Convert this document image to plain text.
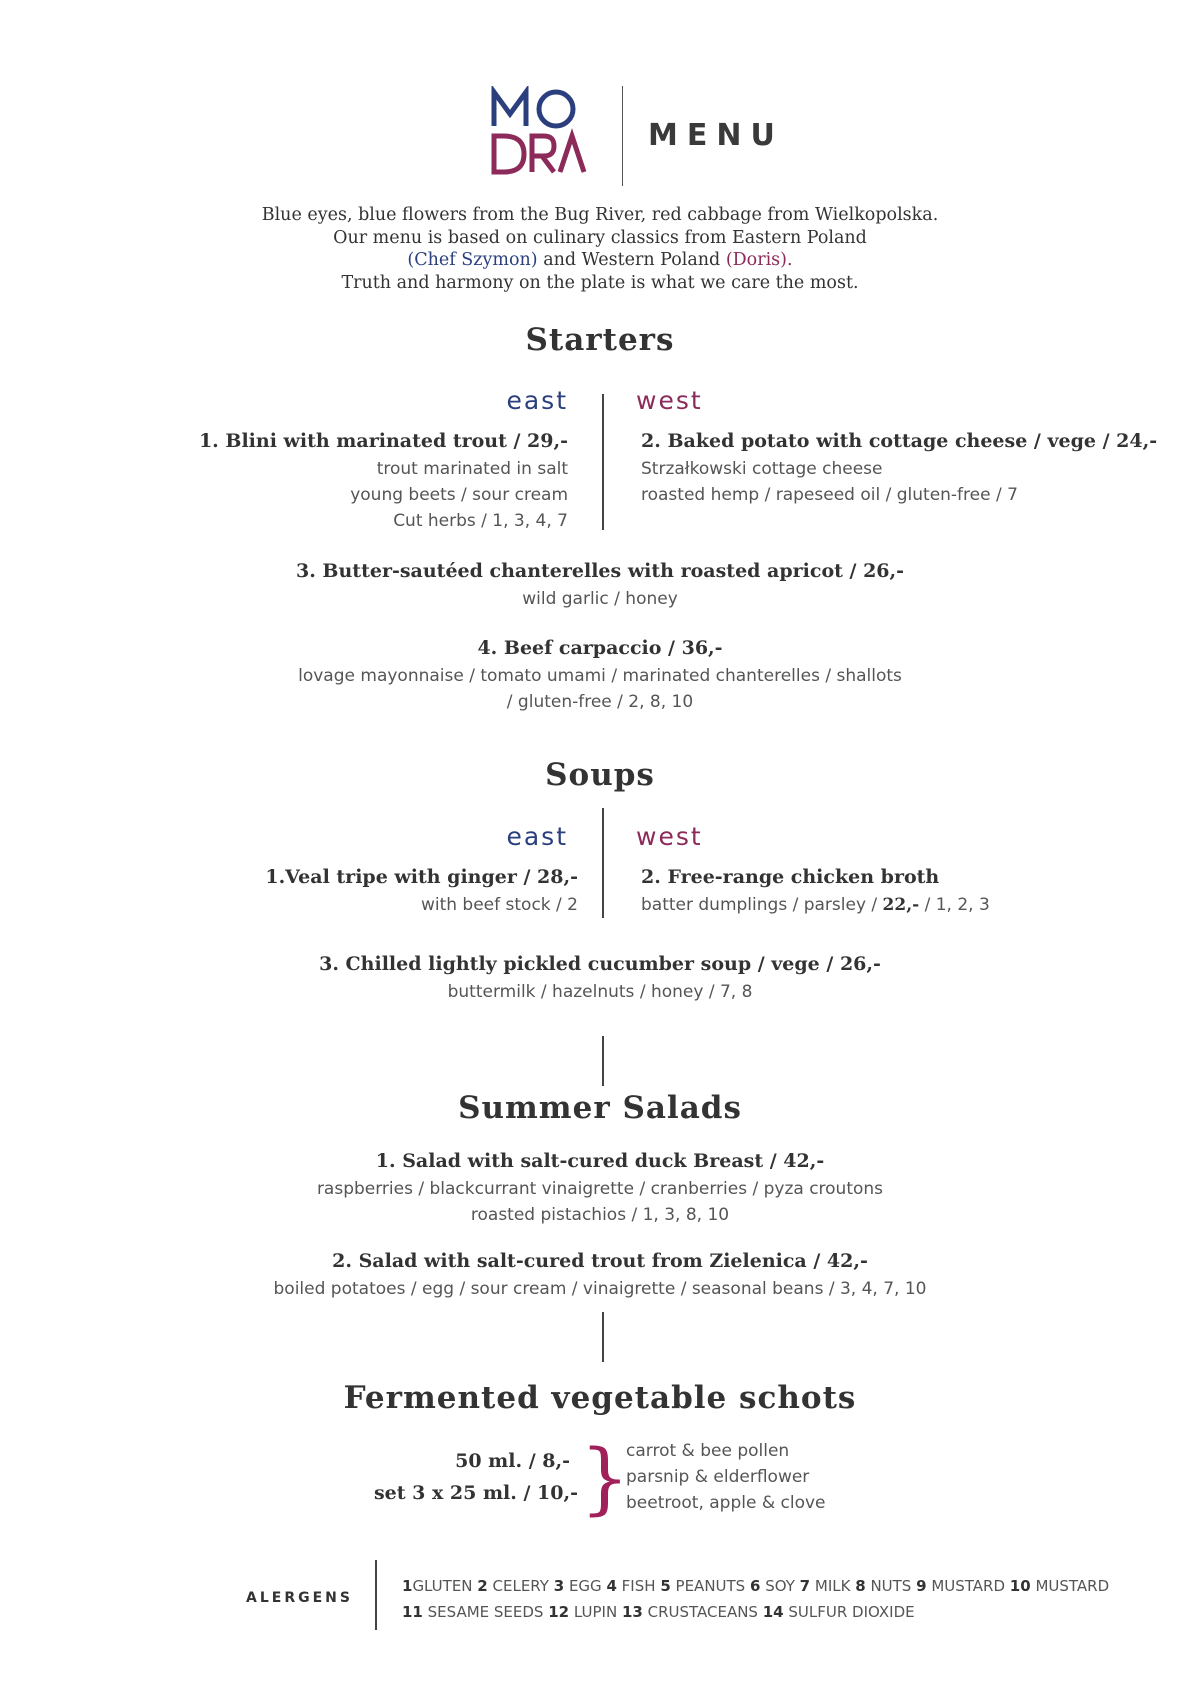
MENU
Blue eyes, blue flowers from the Bug River, red cabbage from Wielkopolska.
Our menu is based on culinary classics from Eastern Poland
(Chef Szymon) and Western Poland (Doris).
Truth and harmony on the plate is what we care the most.
Starters
east	west
1. Blini with marinated trout / 29,-
trout marinated in salt
young beets / sour cream
Cut herbs / 1, 3, 4, 7
2. Baked potato with cottage cheese / vege / 24,-
Strzałkowski cottage cheese
roasted hemp / rapeseed oil / gluten-free / 7
3. Butter-sautéed chanterelles with roasted apricot / 26,-
wild garlic / honey
4. Beef carpaccio / 36,-
lovage mayonnaise / tomato umami / marinated chanterelles / shallots
/ gluten-free / 2, 8, 10
Soups
east	west
1.Veal tripe with ginger / 28,-
with beef stock / 2
2. Free-range chicken broth
batter dumplings / parsley / 22,- / 1, 2, 3
3. Chilled lightly pickled cucumber soup / vege / 26,-
buttermilk / hazelnuts / honey / 7, 8
Summer Salads
1. Salad with salt-cured duck Breast / 42,-
raspberries / blackcurrant vinaigrette / cranberries / pyza croutons
roasted pistachios / 1, 3, 8, 10
2. Salad with salt-cured trout from Zielenica / 42,-
boiled potatoes / egg / sour cream / vinaigrette / seasonal beans / 3, 4, 7, 10
Fermented vegetable schots
50 ml. / 8,-
set 3 x 25 ml. / 10,- }
carrot & bee pollen
parsnip & elderflower
beetroot, apple & clove
ALERGENS
1GLUTEN 2 CELERY 3 EGG 4 FISH 5 PEANUTS 6 SOY 7 MILK 8 NUTS 9 MUSTARD 10 MUSTARD
11 SESAME SEEDS 12 LUPIN 13 CRUSTACEANS 14 SULFUR DIOXIDE
